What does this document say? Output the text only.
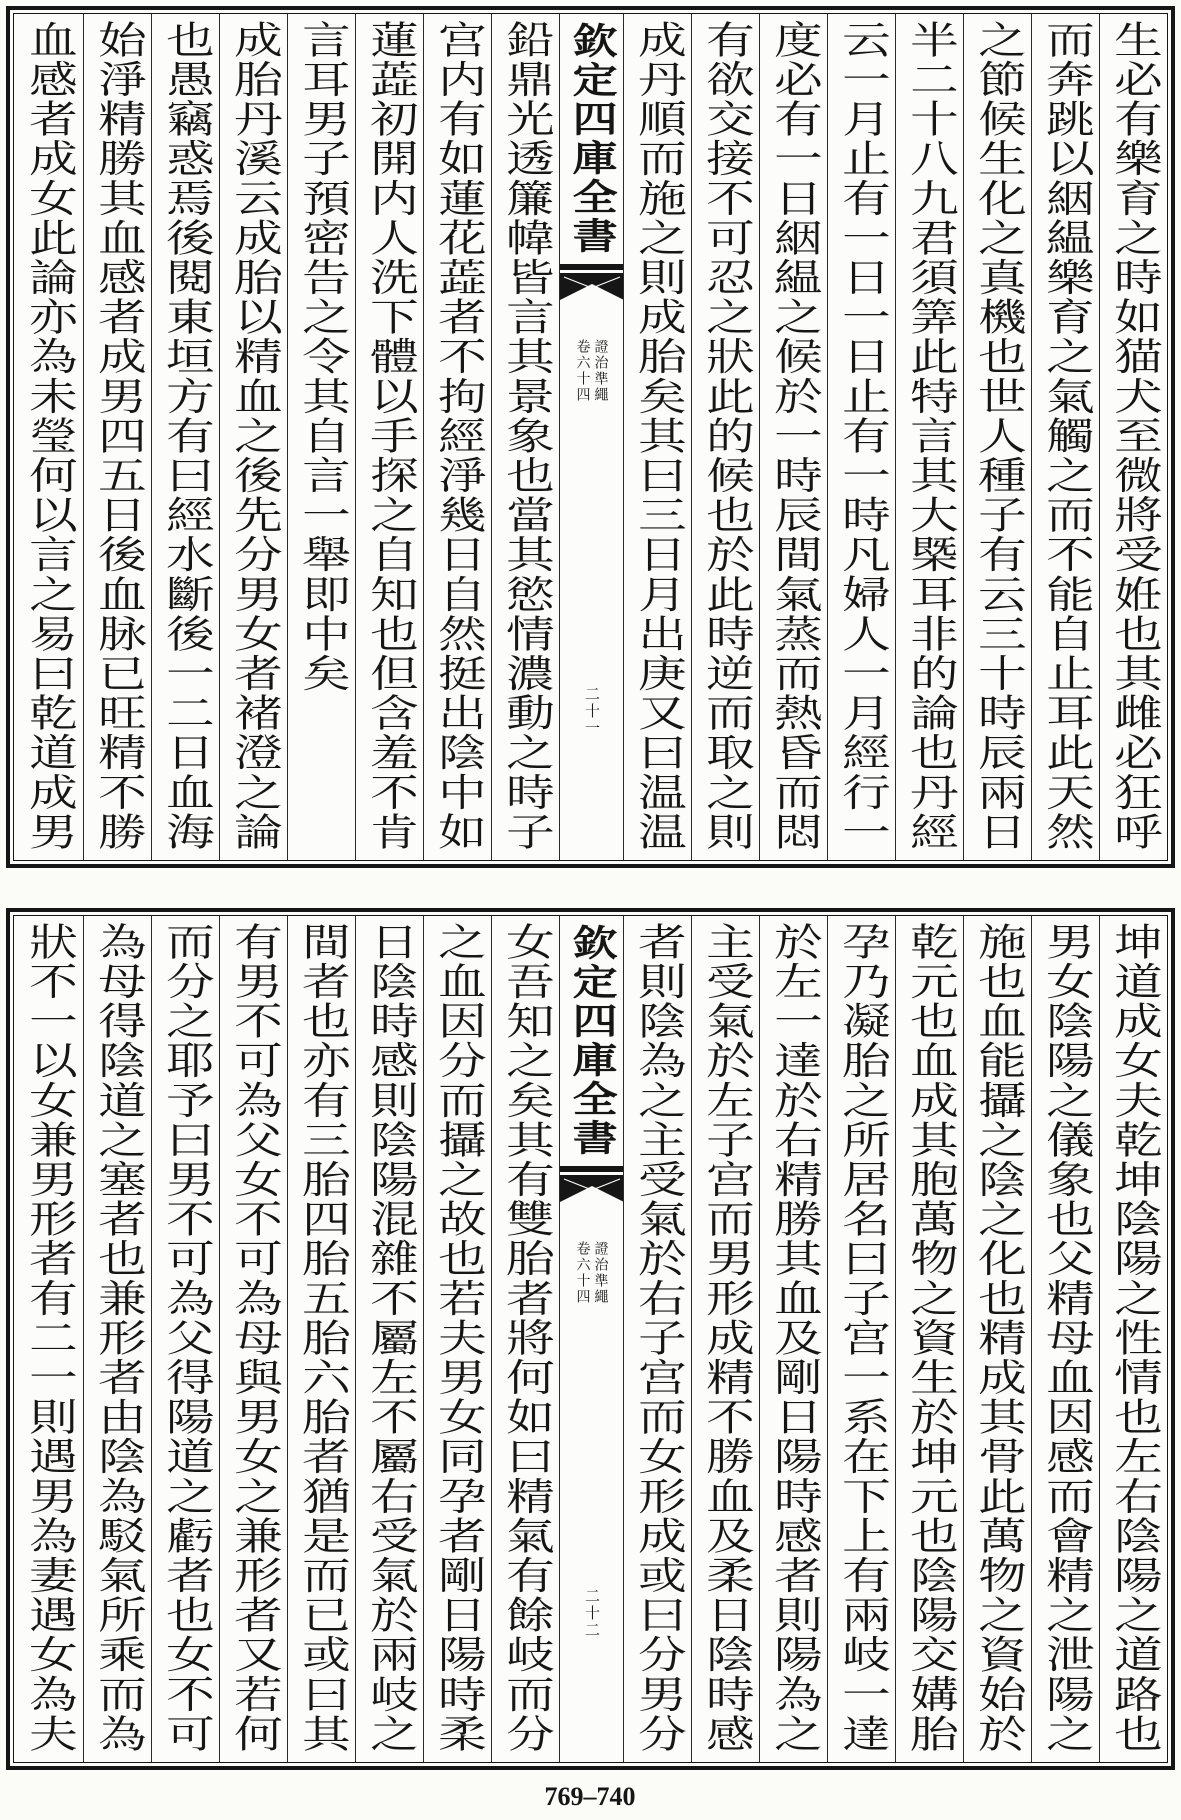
生必有樂育之時如猫犬至微將受姙也其雌必狂呼
而奔跳以絪緼樂育之氣觸之而不能自止耳此天然
之節候生化之真機也世人種子有云三十時辰兩日
半二十八九君須筭此特言其大槩耳非的論也丹經
云一月止有一日一日止有一時凡婦人一月經行一
度必有一日絪緼之候於一時辰間氣蒸而熱昏而悶
有欲交接不可忍之狀此的候也於此時逆而取之則
成丹順而施之則成胎矣其曰三日月出庚又曰温温
欽定四庫全書
證治準繩
卷六十四
二十一
鉛鼎光透簾幃皆言其景象也當其慾情濃動之時子
宫内有如蓮花蕋者不拘經淨幾日自然挺出陰中如
蓮蕋初開内人洗下體以手探之自知也但含羞不肯
言耳男子預密告之令其自言一舉即中矣
成胎丹溪云成胎以精血之後先分男女者褚澄之論
也愚竊惑焉後閱東垣方有曰經水斷後一二日血海
始淨精勝其血感者成男四五日後血脉已旺精不勝
血感者成女此論亦為未瑩何以言之易曰乾道成男
坤道成女夫乾坤陰陽之性情也左右陰陽之道路也
男女陰陽之儀象也父精母血因感而會精之泄陽之
施也血能攝之陰之化也精成其骨此萬物之資始於
乾元也血成其胞萬物之資生於坤元也陰陽交媾胎
孕乃凝胎之所居名曰子宫一系在下上有兩岐一達
於左一達於右精勝其血及剛日陽時感者則陽為之
主受氣於左子宫而男形成精不勝血及柔日陰時感
者則陰為之主受氣於右子宫而女形成或曰分男分
欽定四庫全書
證治準繩
卷六十四
二十二
女吾知之矣其有雙胎者將何如曰精氣有餘岐而分
之血因分而攝之故也若夫男女同孕者剛日陽時柔
日陰時感則陰陽混雜不屬左不屬右受氣於兩岐之
間者也亦有三胎四胎五胎六胎者猶是而已或曰其
有男不可為父女不可為母與男女之兼形者又若何
而分之耶予曰男不可為父得陽道之虧者也女不可
為母得陰道之塞者也兼形者由陰為駁氣所乘而為
狀不一以女兼男形者有二一則遇男為妻遇女為夫
769–740
